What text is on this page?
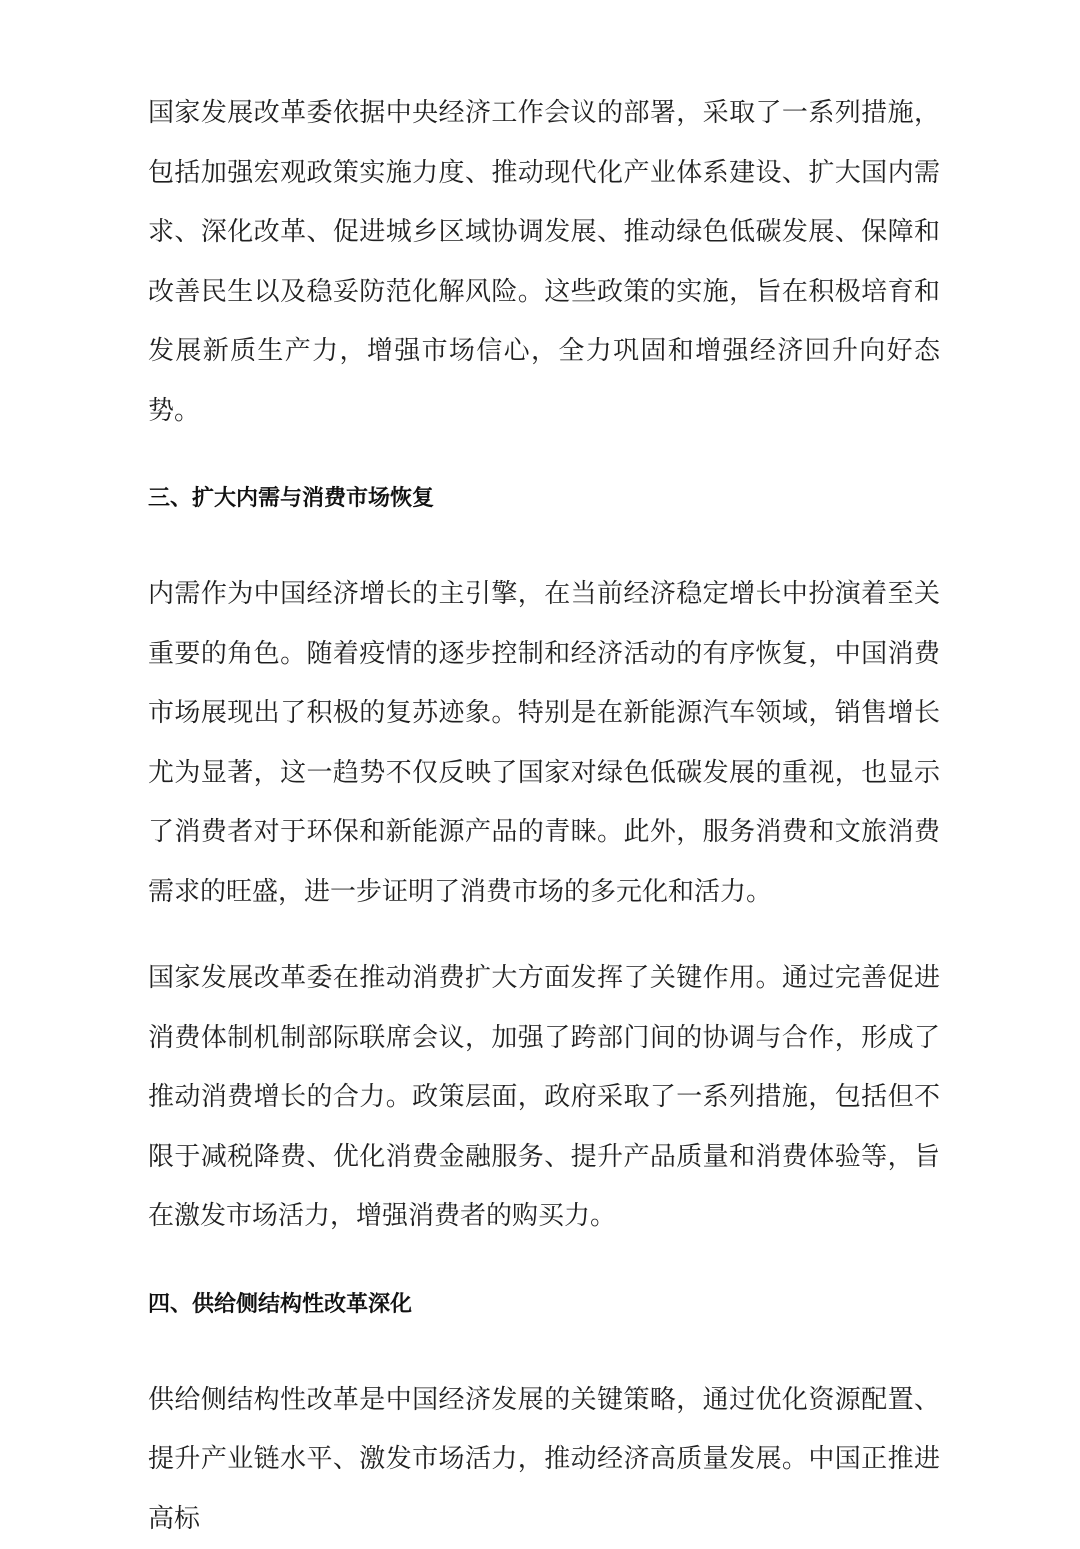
国家发展改革委依据中央经济工作会议的部署，采取了一系列措施，包括加强宏观政策实施力度、推动现代化产业体系建设、扩大国内需求、深化改革、促进城乡区域协调发展、推动绿色低碳发展、保障和改善民生以及稳妥防范化解风险。这些政策的实施，旨在积极培育和发展新质生产力，增强市场信心，全力巩固和增强经济回升向好态势。

三、扩大内需与消费市场恢复

内需作为中国经济增长的主引擎，在当前经济稳定增长中扮演着至关重要的角色。随着疫情的逐步控制和经济活动的有序恢复，中国消费市场展现出了积极的复苏迹象。特别是在新能源汽车领域，销售增长尤为显著，这一趋势不仅反映了国家对绿色低碳发展的重视，也显示了消费者对于环保和新能源产品的青睐。此外，服务消费和文旅消费需求的旺盛，进一步证明了消费市场的多元化和活力。

国家发展改革委在推动消费扩大方面发挥了关键作用。通过完善促进消费体制机制部际联席会议，加强了跨部门间的协调与合作，形成了推动消费增长的合力。政策层面，政府采取了一系列措施，包括但不限于减税降费、优化消费金融服务、提升产品质量和消费体验等，旨在激发市场活力，增强消费者的购买力。

四、供给侧结构性改革深化

供给侧结构性改革是中国经济发展的关键策略，通过优化资源配置、提升产业链水平、激发市场活力，推动经济高质量发展。中国正推进高标
